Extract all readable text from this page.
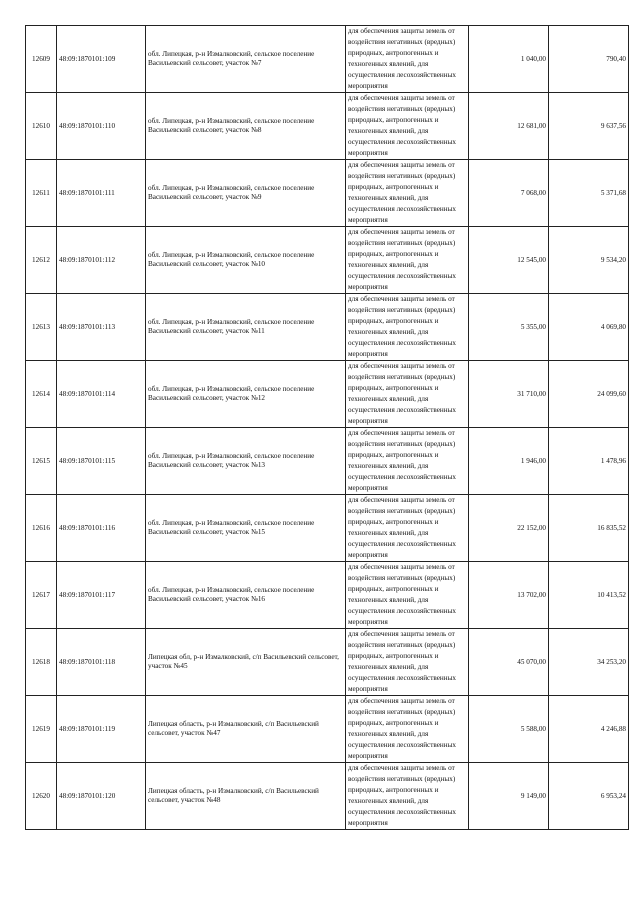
12609	48:09:1870101:109	обл. Липецкая, р-н Измалковский, сельское поселение Васильевский сельсовет, участок №7	для обеспечения защиты земель от воздействия негативных (вредных) природных, антропогенных и техногенных явлений, для осуществления лесохозяйственных мероприятия	1 040,00	790,40
12610	48:09:1870101:110	обл. Липецкая, р-н Измалковский, сельское поселение Васильевский сельсовет, участок №8	для обеспечения защиты земель от воздействия негативных (вредных) природных, антропогенных и техногенных явлений, для осуществления лесохозяйственных мероприятия	12 681,00	9 637,56
12611	48:09:1870101:111	обл. Липецкая, р-н Измалковский, сельское поселение Васильевский сельсовет, участок №9	для обеспечения защиты земель от воздействия негативных (вредных) природных, антропогенных и техногенных явлений, для осуществления лесохозяйственных мероприятия	7 068,00	5 371,68
12612	48:09:1870101:112	обл. Липецкая, р-н Измалковский, сельское поселение Васильевский сельсовет, участок №10	для обеспечения защиты земель от воздействия негативных (вредных) природных, антропогенных и техногенных явлений, для осуществления лесохозяйственных мероприятия	12 545,00	9 534,20
12613	48:09:1870101:113	обл. Липецкая, р-н Измалковский, сельское поселение Васильевский сельсовет, участок №11	для обеспечения защиты земель от воздействия негативных (вредных) природных, антропогенных и техногенных явлений, для осуществления лесохозяйственных мероприятия	5 355,00	4 069,80
12614	48:09:1870101:114	обл. Липецкая, р-н Измалковский, сельское поселение Васильевский сельсовет, участок №12	для обеспечения защиты земель от воздействия негативных (вредных) природных, антропогенных и техногенных явлений, для осуществления лесохозяйственных мероприятия	31 710,00	24 099,60
12615	48:09:1870101:115	обл. Липецкая, р-н Измалковский, сельское поселение Васильевский сельсовет, участок №13	для обеспечения защиты земель от воздействия негативных (вредных) природных, антропогенных и техногенных явлений, для осуществления лесохозяйственных мероприятия	1 946,00	1 478,96
12616	48:09:1870101:116	обл. Липецкая, р-н Измалковский, сельское поселение Васильевский сельсовет, участок №15	для обеспечения защиты земель от воздействия негативных (вредных) природных, антропогенных и техногенных явлений, для осуществления лесохозяйственных мероприятия	22 152,00	16 835,52
12617	48:09:1870101:117	обл. Липецкая, р-н Измалковский, сельское поселение Васильевский сельсовет, участок №16	для обеспечения защиты земель от воздействия негативных (вредных) природных, антропогенных и техногенных явлений, для осуществления лесохозяйственных мероприятия	13 702,00	10 413,52
12618	48:09:1870101:118	Липецкая обл, р-н Измалковский, с/п Васильевский сельсовет, участок №45	для обеспечения защиты земель от воздействия негативных (вредных) природных, антропогенных и техногенных явлений, для осуществления лесохозяйственных мероприятия	45 070,00	34 253,20
12619	48:09:1870101:119	Липецкая область, р-н Измалковский, с/п Васильевский сельсовет, участок №47	для обеспечения защиты земель от воздействия негативных (вредных) природных, антропогенных и техногенных явлений, для осуществления лесохозяйственных мероприятия	5 588,00	4 246,88
12620	48:09:1870101:120	Липецкая область, р-н Измалковский, с/п Васильевский сельсовет, участок №48	для обеспечения защиты земель от воздействия негативных (вредных) природных, антропогенных и техногенных явлений, для осуществления лесохозяйственных мероприятия	9 149,00	6 953,24
